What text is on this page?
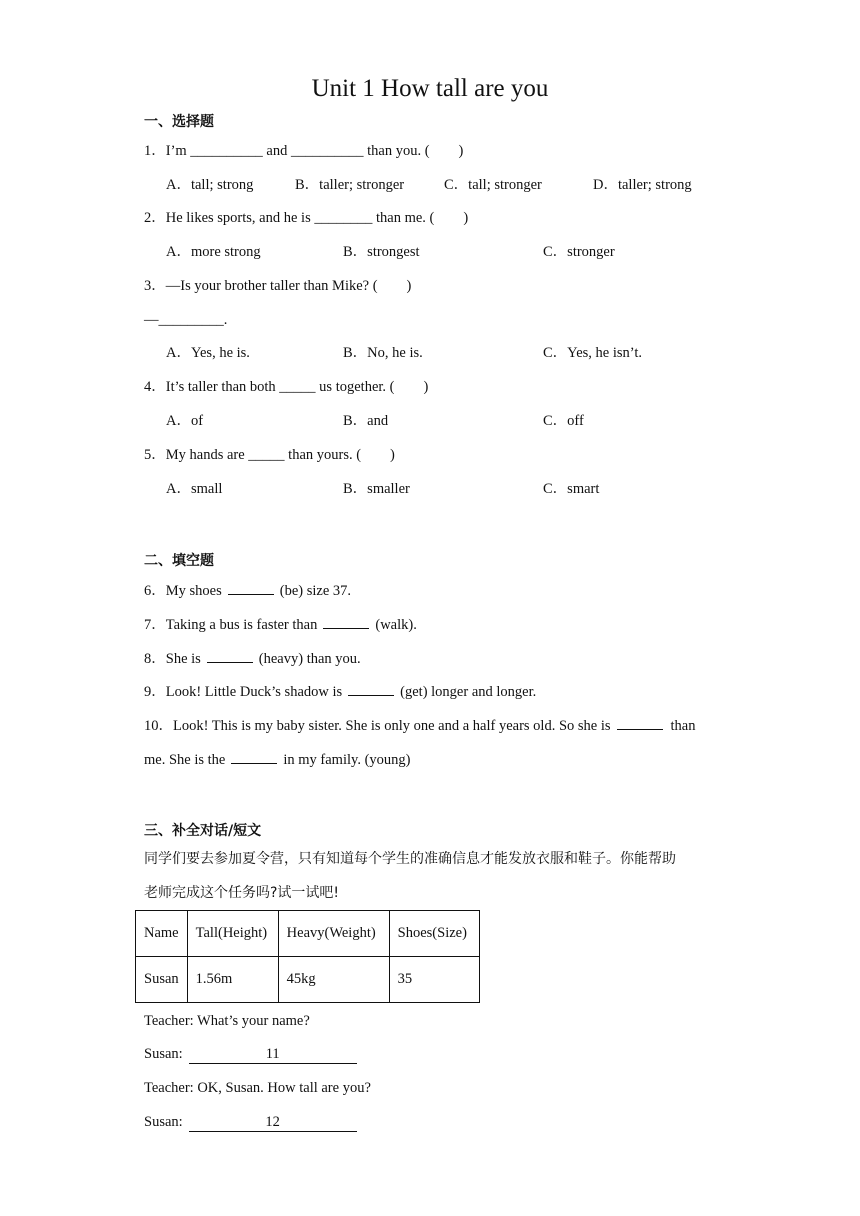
Unit 1 How tall are you
一、选择题
1．I’m __________ and __________ than you. (　　)
A．tall; strong	B．taller; stronger	C．tall; stronger	D．taller; strong
2．He likes sports, and he is ________ than me. (　　)
A．more strong	B．strongest	C．stronger
3．—Is your brother taller than Mike? (　　)
—_________.
A．Yes, he is.	B．No, he is.	C．Yes, he isn’t.
4．It’s taller than both _____ us together. (　　)
A．of	B．and	C．off
5．My hands are _____ than yours. (　　)
A．small	B．smaller	C．smart
二、填空题
6．My shoes	(be) size 37.
7．Taking a bus is faster than	(walk).
8．She is	(heavy) than you.
9．Look! Little Duck’s shadow is	(get) longer and longer.
10．Look! This is my baby sister. She is only one and a half years old. So she is	than
me. She is the	in my family. (young)
三、补全对话/短文
同学们要去参加夏令营，只有知道每个学生的准确信息才能发放衣服和鞋子。你能帮助
老师完成这个任务吗?试一试吧!
Name	Tall(Height)	Heavy(Weight)	Shoes(Size)
Susan	1.56m	45kg	35
Teacher: What’s your name?
Susan:	11
Teacher: OK, Susan. How tall are you?
Susan:	12
